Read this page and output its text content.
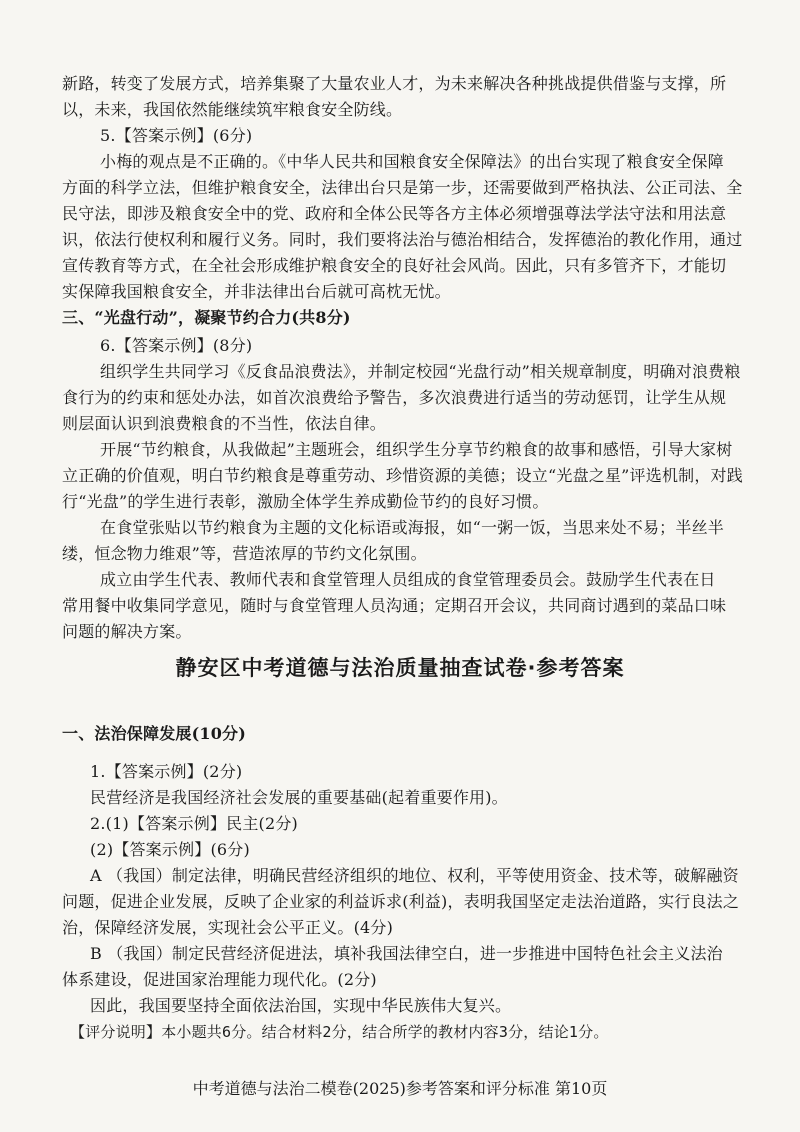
新路，转变了发展方式，培养集聚了大量农业人才，为未来解决各种挑战提供借鉴与支撑，所
以，未来，我国依然能继续筑牢粮食安全防线。
5.【答案示例】(6分)
小梅的观点是不正确的。《中华人民共和国粮食安全保障法》的出台实现了粮食安全保障
方面的科学立法，但维护粮食安全，法律出台只是第一步，还需要做到严格执法、公正司法、全
民守法，即涉及粮食安全中的党、政府和全体公民等各方主体必须增强尊法学法守法和用法意
识，依法行使权利和履行义务。同时，我们要将法治与德治相结合，发挥德治的教化作用，通过
宣传教育等方式，在全社会形成维护粮食安全的良好社会风尚。因此，只有多管齐下，才能切
实保障我国粮食安全，并非法律出台后就可高枕无忧。
三、“光盘行动”，凝聚节约合力(共8分)
6.【答案示例】(8分)
组织学生共同学习《反食品浪费法》，并制定校园“光盘行动”相关规章制度，明确对浪费粮
食行为的约束和惩处办法，如首次浪费给予警告，多次浪费进行适当的劳动惩罚，让学生从规
则层面认识到浪费粮食的不当性，依法自律。
开展“节约粮食，从我做起”主题班会，组织学生分享节约粮食的故事和感悟，引导大家树
立正确的价值观，明白节约粮食是尊重劳动、珍惜资源的美德；设立“光盘之星”评选机制，对践
行“光盘”的学生进行表彰，激励全体学生养成勤俭节约的良好习惯。
在食堂张贴以节约粮食为主题的文化标语或海报，如“一粥一饭，当思来处不易；半丝半
缕，恒念物力维艰”等，营造浓厚的节约文化氛围。
成立由学生代表、教师代表和食堂管理人员组成的食堂管理委员会。鼓励学生代表在日
常用餐中收集同学意见，随时与食堂管理人员沟通；定期召开会议，共同商讨遇到的菜品口味
问题的解决方案。
静安区中考道德与法治质量抽查试卷·参考答案
一、法治保障发展(10分)
1.【答案示例】(2分)
民营经济是我国经济社会发展的重要基础(起着重要作用)。
2.(1)【答案示例】民主(2分)
(2)【答案示例】(6分)
A （我国）制定法律，明确民营经济组织的地位、权利，平等使用资金、技术等，破解融资
问题，促进企业发展，反映了企业家的利益诉求(利益)，表明我国坚定走法治道路，实行良法之
治，保障经济发展，实现社会公平正义。(4分)
B （我国）制定民营经济促进法，填补我国法律空白，进一步推进中国特色社会主义法治
体系建设，促进国家治理能力现代化。(2分)
因此，我国要坚持全面依法治国，实现中华民族伟大复兴。
【评分说明】本小题共6分。结合材料2分，结合所学的教材内容3分，结论1分。
中考道德与法治二模卷(2025)参考答案和评分标准 第10页
